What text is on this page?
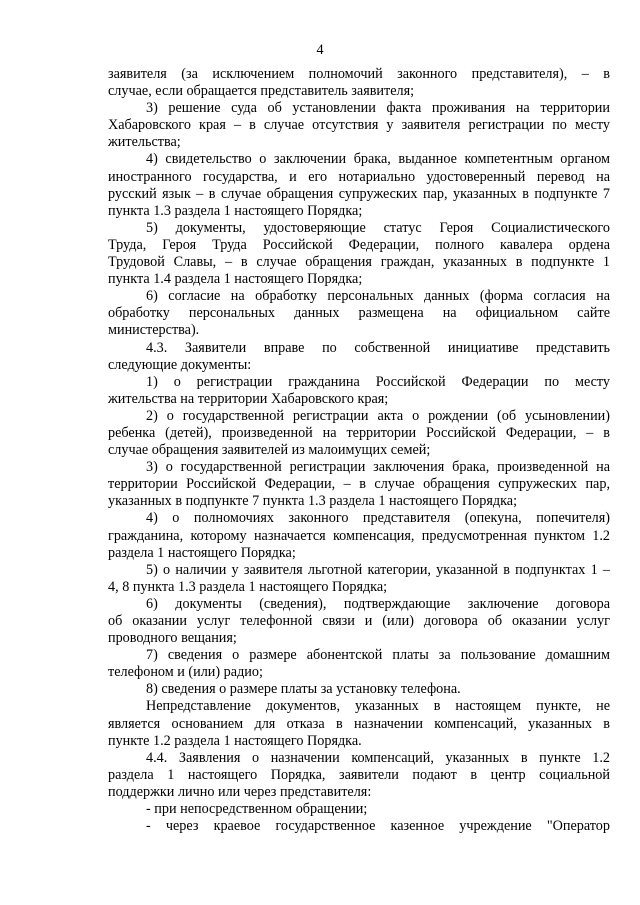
4
заявителя (за исключением полномочий законного представителя), – в
случае, если обращается представитель заявителя;
3) решение суда об установлении факта проживания на территории
Хабаровского края – в случае отсутствия у заявителя регистрации по месту
жительства;
4) свидетельство о заключении брака, выданное компетентным органом
иностранного государства, и его нотариально удостоверенный перевод на
русский язык – в случае обращения супружеских пар, указанных в подпункте 7
пункта 1.3 раздела 1 настоящего Порядка;
5) документы, удостоверяющие статус Героя Социалистического
Труда, Героя Труда Российской Федерации, полного кавалера ордена
Трудовой Славы, – в случае обращения граждан, указанных в подпункте 1
пункта 1.4 раздела 1 настоящего Порядка;
6) согласие на обработку персональных данных (форма согласия на
обработку персональных данных размещена на официальном сайте
министерства).
4.3. Заявители вправе по собственной инициативе представить
следующие документы:
1) о регистрации гражданина Российской Федерации по месту
жительства на территории Хабаровского края;
2) о государственной регистрации акта о рождении (об усыновлении)
ребенка (детей), произведенной на территории Российской Федерации, – в
случае обращения заявителей из малоимущих семей;
3) о государственной регистрации заключения брака, произведенной на
территории Российской Федерации, – в случае обращения супружеских пар,
указанных в подпункте 7 пункта 1.3 раздела 1 настоящего Порядка;
4) о полномочиях законного представителя (опекуна, попечителя)
гражданина, которому назначается компенсация, предусмотренная пунктом 1.2
раздела 1 настоящего Порядка;
5) о наличии у заявителя льготной категории, указанной в подпунктах 1 –
4, 8 пункта 1.3 раздела 1 настоящего Порядка;
6) документы (сведения), подтверждающие заключение договора
об оказании услуг телефонной связи и (или) договора об оказании услуг
проводного вещания;
7) сведения о размере абонентской платы за пользование домашним
телефоном и (или) радио;
8) сведения о размере платы за установку телефона.
Непредставление документов, указанных в настоящем пункте, не
является основанием для отказа в назначении компенсаций, указанных в
пункте 1.2 раздела 1 настоящего Порядка.
4.4. Заявления о назначении компенсаций, указанных в пункте 1.2
раздела 1 настоящего Порядка, заявители подают в центр социальной
поддержки лично или через представителя:
- при непосредственном обращении;
- через краевое государственное казенное учреждение "Оператор
